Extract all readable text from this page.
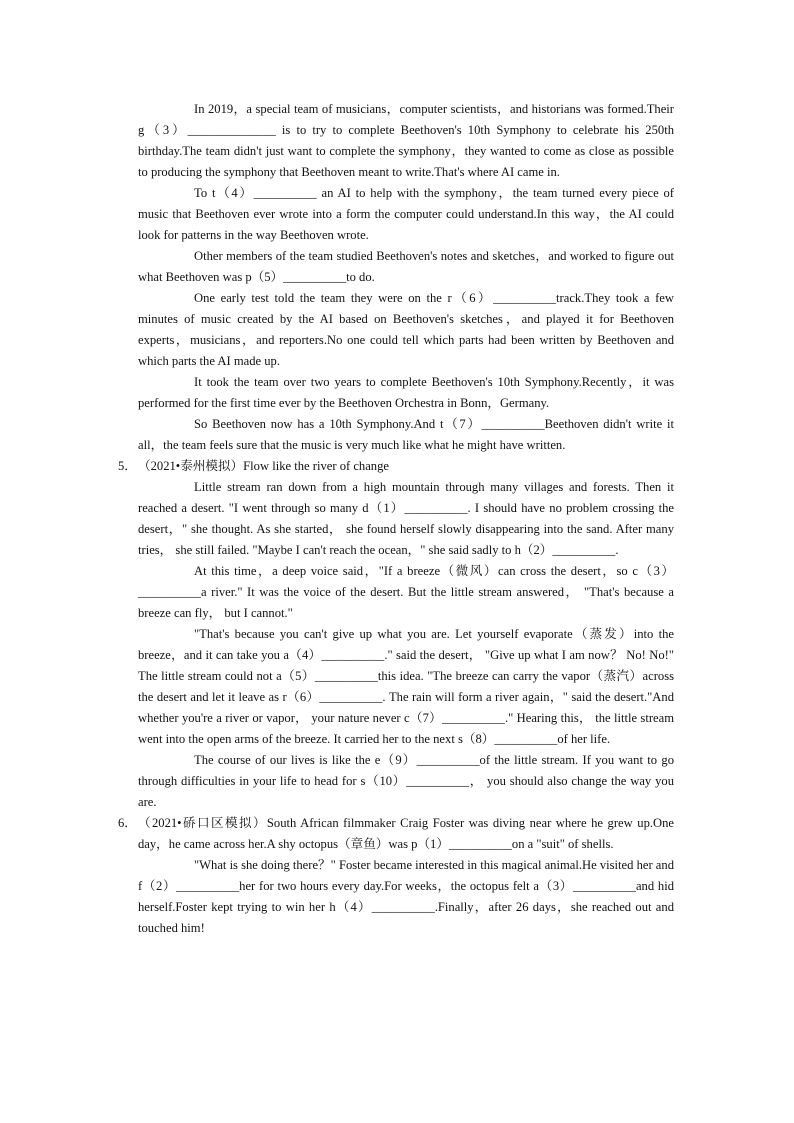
In 2019，a special team of musicians，computer scientists，and historians was formed.Their g（3）______________ is to try to complete Beethoven's 10th Symphony to celebrate his 250th birthday.The team didn't just want to complete the symphony，they wanted to come as close as possible to producing the symphony that Beethoven meant to write.That's where AI came in.

To t（4）__________ an AI to help with the symphony，the team turned every piece of music that Beethoven ever wrote into a form the computer could understand.In this way，the AI could look for patterns in the way Beethoven wrote.

Other members of the team studied Beethoven's notes and sketches，and worked to figure out what Beethoven was p（5）__________to do.

One early test told the team they were on the r（6）__________track.They took a few minutes of music created by the AI based on Beethoven's sketches，and played it for Beethoven experts，musicians，and reporters.No one could tell which parts had been written by Beethoven and which parts the AI made up.

It took the team over two years to complete Beethoven's 10th Symphony.Recently，it was performed for the first time ever by the Beethoven Orchestra in Bonn，Germany.

So Beethoven now has a 10th Symphony.And t（7）__________Beethoven didn't write it all，the team feels sure that the music is very much like what he might have written.

5． （2021•泰州模拟）Flow like the river of change

Little stream ran down from a high mountain through many villages and forests. Then it reached a desert. "I went through so many d（1）__________. I should have no problem crossing the desert，" she thought. As she started， she found herself slowly disappearing into the sand. After many tries， she still failed. "Maybe I can't reach the ocean，" she said sadly to h（2）__________.

At this time，a deep voice said，"If a breeze（微风）can cross the desert，so c（3）__________a river." It was the voice of the desert. But the little stream answered， "That's because a breeze can fly， but I cannot."

"That's because you can't give up what you are. Let yourself evaporate（蒸发）into the breeze，and it can take you a（4）__________." said the desert， "Give up what I am now？ No! No!" The little stream could not a（5）__________this idea. "The breeze can carry the vapor（蒸汽）across the desert and let it leave as r（6）__________. The rain will form a river again，" said the desert."And whether you're a river or vapor， your nature never c（7）__________." Hearing this， the little stream went into the open arms of the breeze. It carried her to the next s（8）__________of her life.

The course of our lives is like the e（9）__________of the little stream. If you want to go through difficulties in your life to head for s（10）__________， you should also change the way you are.

6． （2021•硚口区模拟）South African filmmaker Craig Foster was diving near where he grew up.One day，he came across her.A shy octopus（章鱼）was p（1）__________on a "suit" of shells.

"What is she doing there？" Foster became interested in this magical animal.He visited her and f（2）__________her for two hours every day.For weeks，the octopus felt a（3）__________and hid herself.Foster kept trying to win her h（4）__________.Finally，after 26 days，she reached out and touched him!
